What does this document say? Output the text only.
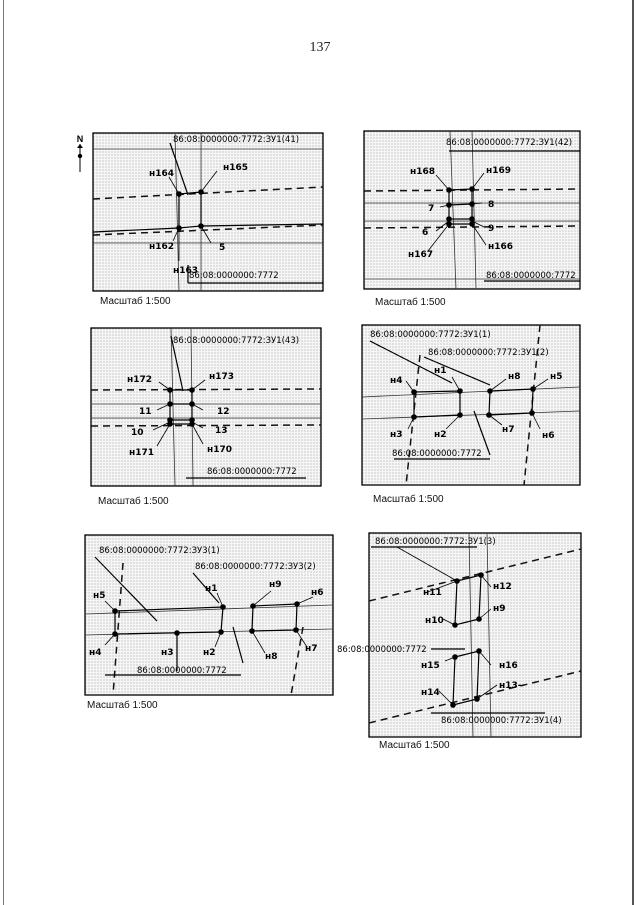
137
N	86:08:0000000:7772:ЗУ1(41)
86:08:0000000:7772
н164
н165
н162
н163
5
Масштаб 1:500
86:08:0000000:7772:ЗУ1(42)
86:08:0000000:7772
н168	н169
7	8
6	9
н167
н166
Масштаб 1:500
86:08:0000000:7772:ЗУ1(43)
86:08:0000000:7772
н172	н173
11	12
10	13
н171	н170
Масштаб 1:500
86:08:0000000:7772:ЗУ1(1)
86:08:0000000:7772:ЗУ1(2)
86:08:0000000:7772
н4
н1
н8	н5
н3	н2	н7
н6
Масштаб 1:500
86:08:0000000:7772:ЗУ3(1)
86:08:0000000:7772:ЗУ3(2)
86:08:0000000:7772
н5
н1	н9
н6
н4	н3	н2	н8
н7
Масштаб 1:500
86:08:0000000:7772:ЗУ1(3)
86:08:0000000:7772:ЗУ1(4)
86:08:0000000:7772
н11
н12
н10
н9
н15	н16
н14
н13-
Масштаб 1:500
